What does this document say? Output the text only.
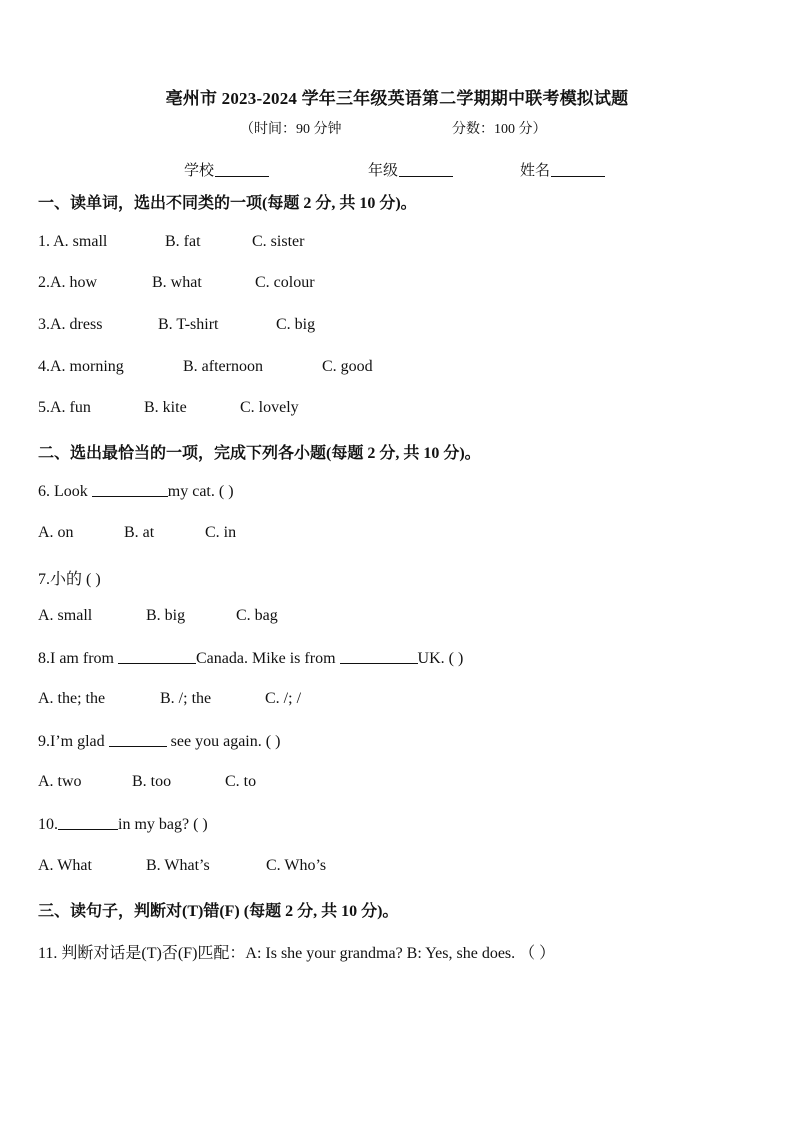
亳州市 2023-2024 学年三年级英语第二学期期中联考模拟试题
（时间：90 分钟	分数：100 分）
学校	年级	姓名
一、读单词，选出不同类的一项(每题 2 分, 共 10 分)。
1. A. small	B. fat	C. sister
2.A. how	B. what	C. colour
3.A. dress	B. T-shirt	C. big
4.A. morning	B. afternoon	C. good
5.A. fun	B. kite	C. lovely
二、选出最恰当的一项，完成下列各小题(每题 2 分, 共 10 分)。
6. Look	my cat. ( )
A. on	B. at	C. in
7.小的 ( )
A. small	B. big	C. bag
8.I am from	Canada. Mike is from	UK. ( )
A. the; the	B. /; the	C. /; /
9.I’m glad	see you again. ( )
A. two	B. too	C. to
10.	in my bag? ( )
A. What	B. What’s	C. Who’s
三、读句子，判断对(T)错(F) (每题 2 分, 共 10 分)。
11. 判断对话是(T)否(F)匹配：A: Is she your grandma? B: Yes, she does. （ ）
